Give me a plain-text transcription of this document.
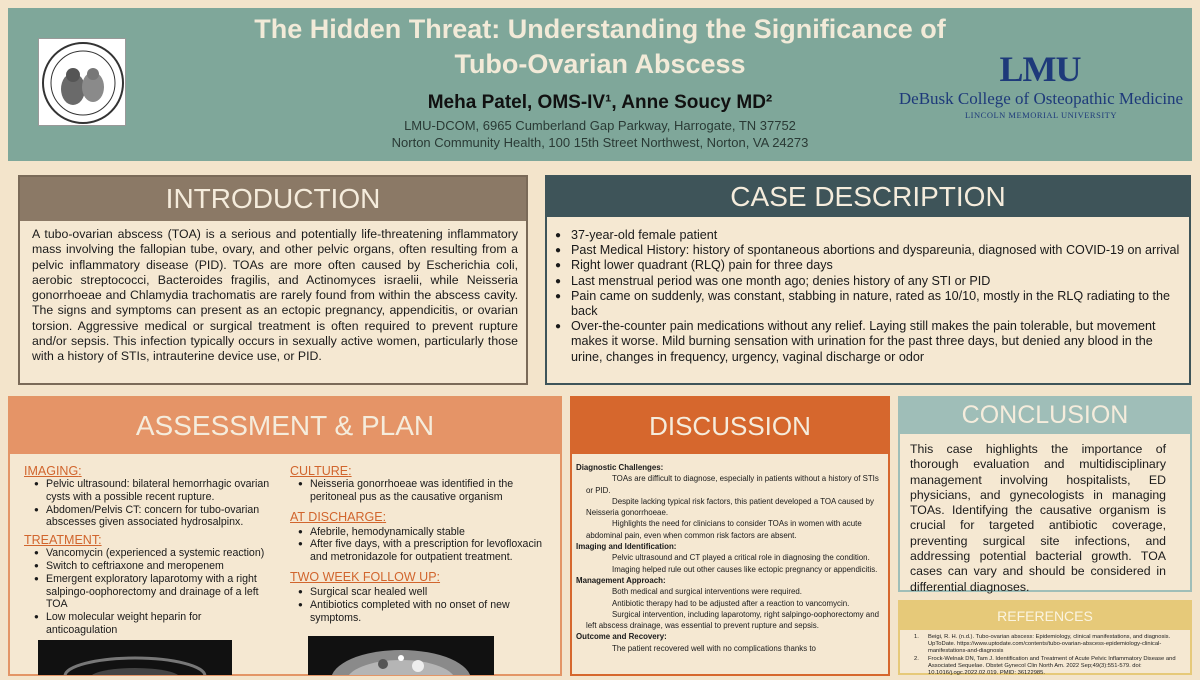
The Hidden Threat: Understanding the Significance of
Tubo-Ovarian Abscess
Meha Patel, OMS-IV¹, Anne Soucy MD²
LMU-DCOM, 6965 Cumberland Gap Parkway, Harrogate, TN 37752
Norton Community Health, 100 15th Street Northwest, Norton, VA 24273
LMU
DeBusk College of Osteopathic Medicine
LINCOLN MEMORIAL UNIVERSITY
INTRODUCTION
A tubo-ovarian abscess (TOA) is a serious and potentially life-threatening inflammatory mass involving the fallopian tube, ovary, and other pelvic organs, often resulting from a pelvic inflammatory disease (PID). TOAs are more often caused by Escherichia coli, aerobic streptococci, Bacteroides fragilis, and Actinomyces israelii, while Neisseria gonorrhoeae and Chlamydia trachomatis are rarely found from within the abscess cavity. The signs and symptoms can present as an ectopic pregnancy, appendicitis, or ovarian torsion. Aggressive medical or surgical treatment is often required to prevent rupture and/or sepsis. This infection typically occurs in sexually active women, particularly those with a history of STIs, intrauterine device use, or PID.
CASE DESCRIPTION
● 37-year-old female patient
● Past Medical History: history of spontaneous abortions and dyspareunia, diagnosed with COVID-19 on arrival
● Right lower quadrant (RLQ) pain for three days
● Last menstrual period was one month ago; denies history of any STI or PID
● Pain came on suddenly, was constant, stabbing in nature, rated as 10/10, mostly in the RLQ radiating to the back
● Over-the-counter pain medications without any relief. Laying still makes the pain tolerable, but movement makes it worse. Mild burning sensation with urination for the past three days, but denied any blood in the urine, changes in frequency, urgency, vaginal discharge or odor
ASSESSMENT & PLAN
IMAGING:
● Pelvic ultrasound: bilateral hemorrhagic ovarian cysts with a possible recent rupture.
● Abdomen/Pelvis CT: concern for tubo-ovarian abscesses given associated hydrosalpinx.
TREATMENT:
● Vancomycin (experienced a systemic reaction)
● Switch to ceftriaxone and meropenem
● Emergent exploratory laparotomy with a right salpingo-oophorectomy and drainage of a left TOA
● Low molecular weight heparin for anticoagulation
CULTURE:
● Neisseria gonorrhoeae was identified in the peritoneal pus as the causative organism
AT DISCHARGE:
● Afebrile, hemodynamically stable
● After five days, with a prescription for levofloxacin and metronidazole for outpatient treatment.
TWO WEEK FOLLOW UP:
● Surgical scar healed well
● Antibiotics completed with no onset of new symptoms.
DISCUSSION
Diagnostic Challenges:
TOAs are difficult to diagnose, especially in patients without a history of STIs or PID.
Despite lacking typical risk factors, this patient developed a TOA caused by Neisseria gonorrhoeae.
Highlights the need for clinicians to consider TOAs in women with acute abdominal pain, even when common risk factors are absent.
Imaging and Identification:
Pelvic ultrasound and CT played a critical role in diagnosing the condition.
Imaging helped rule out other causes like ectopic pregnancy or appendicitis.
Management Approach:
Both medical and surgical interventions were required.
Antibiotic therapy had to be adjusted after a reaction to vancomycin.
Surgical intervention, including laparotomy, right salpingo-oophorectomy and left abscess drainage, was essential to prevent rupture and sepsis.
Outcome and Recovery:
The patient recovered well with no complications thanks to
CONCLUSION
This case highlights the importance of thorough evaluation and multidisciplinary management involving hospitalists, ED physicians, and gynecologists in managing TOAs. Identifying the causative organism is crucial for targeted antibiotic coverage, preventing surgical site infections, and addressing potential bacterial growth. TOA cases can vary and should be considered in differential diagnoses.
REFERENCES
1. Beigi, R. H. (n.d.). Tubo-ovarian abscess: Epidemiology, clinical manifestations, and diagnosis. UpToDate. https://www.uptodate.com/contents/tubo-ovarian-abscess-epidemiology-clinical-manifestations-and-diagnosis
2. Frock-Welnak DN, Tam J. Identification and Treatment of Acute Pelvic Inflammatory Disease and Associated Sequelae. Obstet Gynecol Clin North Am. 2022 Sep;49(3):551-579. doi: 10.1016/j.ogc.2022.02.019. PMID: 36122985.
